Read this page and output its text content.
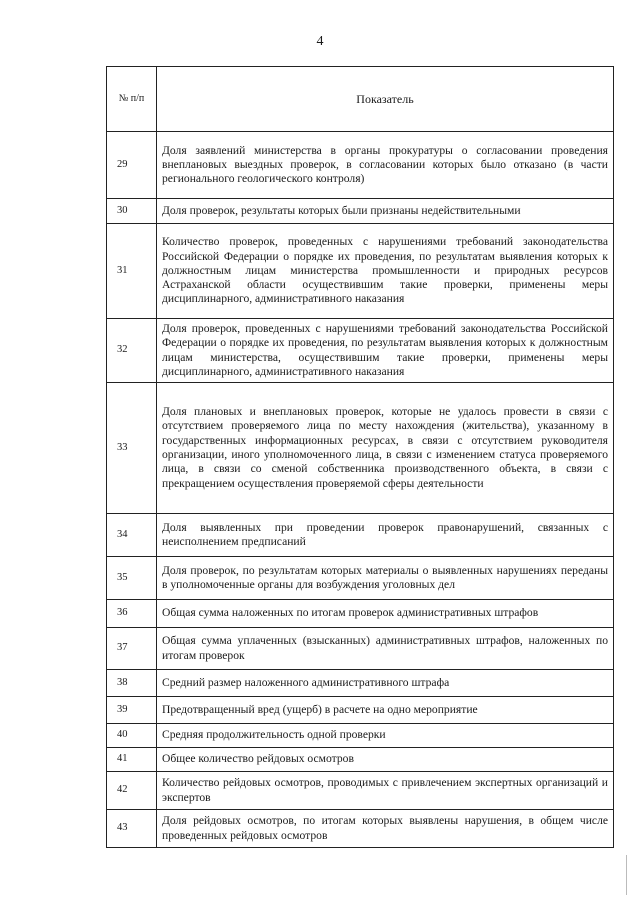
4
№ п/п	Показатель
29	Доля заявлений министерства в органы прокуратуры о согласовании проведения внеплановых выездных проверок, в согласовании которых было отказано (в части регионального геологического контроля)
30	Доля проверок, результаты которых были признаны недействительными
31	Количество проверок, проведенных с нарушениями требований законодательства Российской Федерации о порядке их проведения, по результатам выявления которых к должностным лицам министерства промышленности и природных ресурсов Астраханской области осуществившим такие проверки, применены меры дисциплинарного, административного наказания
32	Доля проверок, проведенных с нарушениями требований законодательства Российской Федерации о порядке их проведения, по результатам выявления которых к должностным лицам министерства, осуществившим такие проверки, применены меры дисциплинарного, административного наказания
33	Доля плановых и внеплановых проверок, которые не удалось провести в связи с отсутствием проверяемого лица по месту нахождения (жительства), указанному в государственных информационных ресурсах, в связи с отсутствием руководителя организации, иного уполномоченного лица, в связи с изменением статуса проверяемого лица, в связи со сменой собственника производственного объекта, в связи с прекращением осуществления проверяемой сферы деятельности
34	Доля выявленных при проведении проверок правонарушений, связанных с неисполнением предписаний
35	Доля проверок, по результатам которых материалы о выявленных нарушениях переданы в уполномоченные органы для возбуждения уголовных дел
36	Общая сумма наложенных по итогам проверок административных штрафов
37	Общая сумма уплаченных (взысканных) административных штрафов, наложенных по итогам проверок
38	Средний размер наложенного административного штрафа
39	Предотвращенный вред (ущерб) в расчете на одно мероприятие
40	Средняя продолжительность одной проверки
41	Общее количество рейдовых осмотров
42	Количество рейдовых осмотров, проводимых с привлечением экспертных организаций и экспертов
43	Доля рейдовых осмотров, по итогам которых выявлены нарушения, в общем числе проведенных рейдовых осмотров
